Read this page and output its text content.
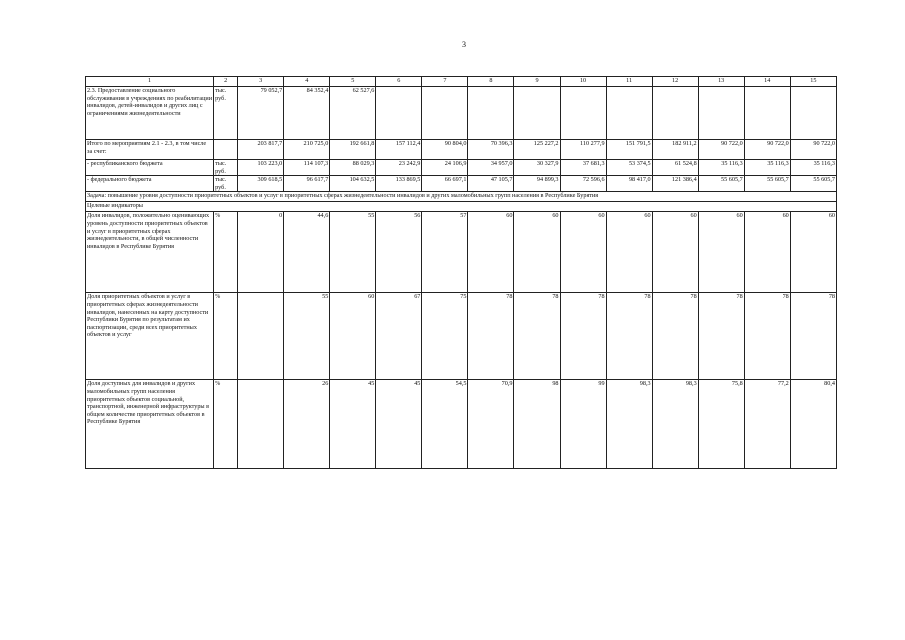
3
1	2	3	4	5	6	7	8	9	10	11	12	13	14	15
2.3. Предоставление социального обслуживания в учреждениях по реабилитации инвалидов, детей-инвалидов и других лиц с ограничениями жизнедеятельности	тыс. руб.	79 052,7	84 352,4	62 527,6										
Итого по мероприятиям 2.1 - 2.3, в том числе за счет:		203 817,7	210 725,0	192 661,8	157 112,4	90 804,0	70 396,3	125 227,2	110 277,9	151 791,5	182 911,2	90 722,0	90 722,0	90 722,0
- республиканского бюджета	тыс. руб.	103 223,0	114 107,3	88 029,3	23 242,9	24 106,9	34 957,0	30 327,9	37 681,3	53 374,5	61 524,8	35 116,3	35 116,3	35 116,3
- федерального бюджета	тыс. руб.	309 618,5	96 617,7	104 632,5	133 869,5	66 697,1	47 105,7	94 899,3	72 596,6	98 417,0	121 386,4	55 605,7	55 605,7	55 605,7
Задача: повышение уровня доступности приоритетных объектов и услуг в приоритетных сферах жизнедеятельности инвалидов и других маломобильных групп населения в Республике Бурятия														
Целевые индикаторы														
Доля инвалидов, положительно оценивающих уровень доступности приоритетных объектов и услуг в приоритетных сферах жизнедеятельности, в общей численности инвалидов в Республике Бурятия	%	0	44,6	55	56	57	60	60	60	60	60	60	60	60
Доля приоритетных объектов и услуг в приоритетных сферах жизнедеятельности инвалидов, нанесенных на карту доступности Республики Бурятия по результатам их паспортизации, среди всех приоритетных объектов и услуг	%		55	60	67	75	78	78	78	78	78	78	78	78
Доля доступных для инвалидов и других маломобильных групп населения приоритетных объектов социальной, транспортной, инженерной инфраструктуры в общем количестве приоритетных объектов в Республике Бурятия	%		26	45	45	54,5	70,9	98	99	98,3	98,3	75,8	77,2	80,4
